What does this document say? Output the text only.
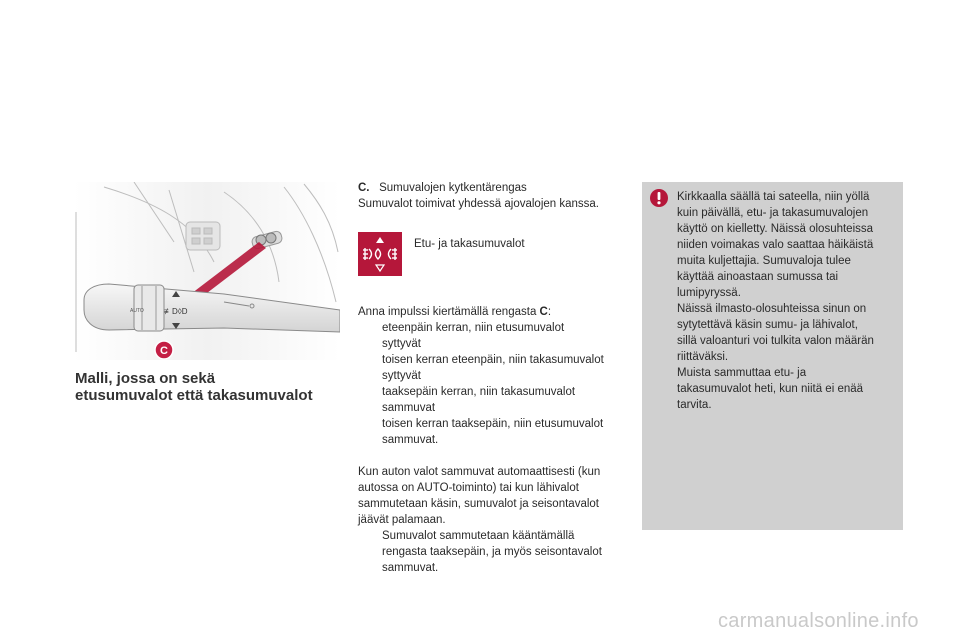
AUTO	≢D◊D
C
Malli, jossa on sekä
etusumuvalot että takasumuvalot

C. Sumuvalojen kytkentärengas

Sumuvalot toimivat yhdessä ajovalojen kanssa.

Etu- ja takasumuvalot

Anna impulssi kiertämällä rengasta C:

eteenpäin kerran, niin etusumuvalot
syttyvät
toisen kerran eteenpäin, niin takasumuvalot
syttyvät
taaksepäin kerran, niin takasumuvalot
sammuvat
toisen kerran taaksepäin, niin etusumuvalot
sammuvat.

Kun auton valot sammuvat automaattisesti (kun
autossa on AUTO-toiminto) tai kun lähivalot
sammutetaan käsin, sumuvalot ja seisontavalot
jäävät palamaan.

Sumuvalot sammutetaan kääntämällä
rengasta taaksepäin, ja myös seisontavalot
sammuvat.
Kirkkaalla säällä tai sateella, niin yöllä
kuin päivällä, etu- ja takasumuvalojen
käyttö on kielletty. Näissä olosuhteissa
niiden voimakas valo saattaa häikäistä
muita kuljettajia. Sumuvaloja tulee
käyttää ainoastaan sumussa tai
lumipyryssä.
Näissä ilmasto-olosuhteissa sinun on
sytytettävä käsin sumu- ja lähivalot,
sillä valoanturi voi tulkita valon määrän
riittäväksi.
Muista sammuttaa etu- ja
takasumuvalot heti, kun niitä ei enää
tarvita.
carmanualsonline.info
